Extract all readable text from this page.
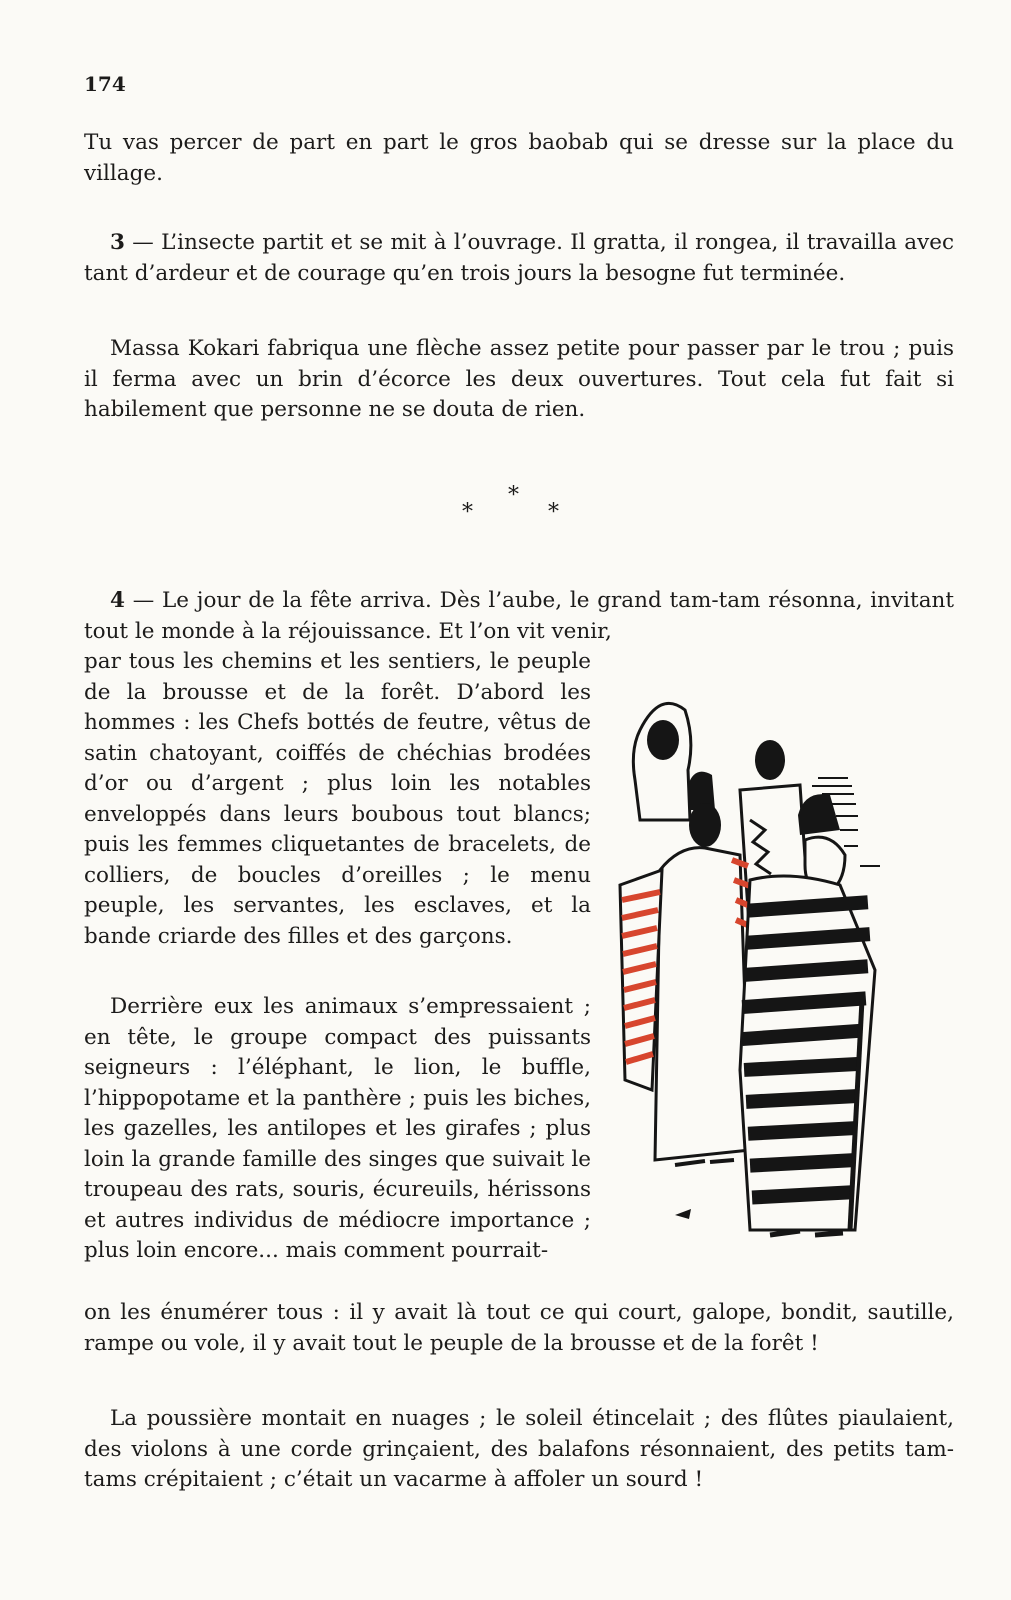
174

Tu vas percer de part en part le gros baobab qui se dresse sur la place du village.

3 — L’insecte partit et se mit à l’ouvrage. Il gratta, il rongea, il travailla avec tant d’ardeur et de courage qu’en trois jours la besogne fut terminée.

Massa Kokari fabriqua une flèche assez petite pour passer par le trou ; puis il ferma avec un brin d’écorce les deux ouvertures. Tout cela fut fait si habilement que personne ne se douta de rien.

*
*	*

4 — Le jour de la fête arriva. Dès l’aube, le grand tam-tam résonna, invitant tout le monde à la réjouissance. Et l’on vit venir,

par tous les chemins et les sentiers, le peuple de la brousse et de la forêt. D’abord les hommes : les Chefs bottés de feutre, vêtus de satin chatoyant, coiffés de chéchias brodées d’or ou d’argent ; plus loin les notables enveloppés dans leurs boubous tout blancs; puis les femmes cliquetantes de bracelets, de colliers, de boucles d’oreilles ; le menu peuple, les servantes, les esclaves, et la bande criarde des filles et des garçons.

Derrière eux les animaux s’empressaient ; en tête, le groupe compact des puissants seigneurs : l’éléphant, le lion, le buffle, l’hippopotame et la panthère ; puis les biches, les gazelles, les antilopes et les girafes ; plus loin la grande famille des singes que suivait le troupeau des rats, souris, écureuils, hérissons et autres individus de médiocre importance ; plus loin encore... mais comment pourrait-

on les énumérer tous : il y avait là tout ce qui court, galope, bondit, sautille, rampe ou vole, il y avait tout le peuple de la brousse et de la forêt !

La poussière montait en nuages ; le soleil étincelait ; des flûtes piaulaient, des violons à une corde grinçaient, des balafons résonnaient, des petits tam-tams crépitaient ; c’était un vacarme à affoler un sourd !
